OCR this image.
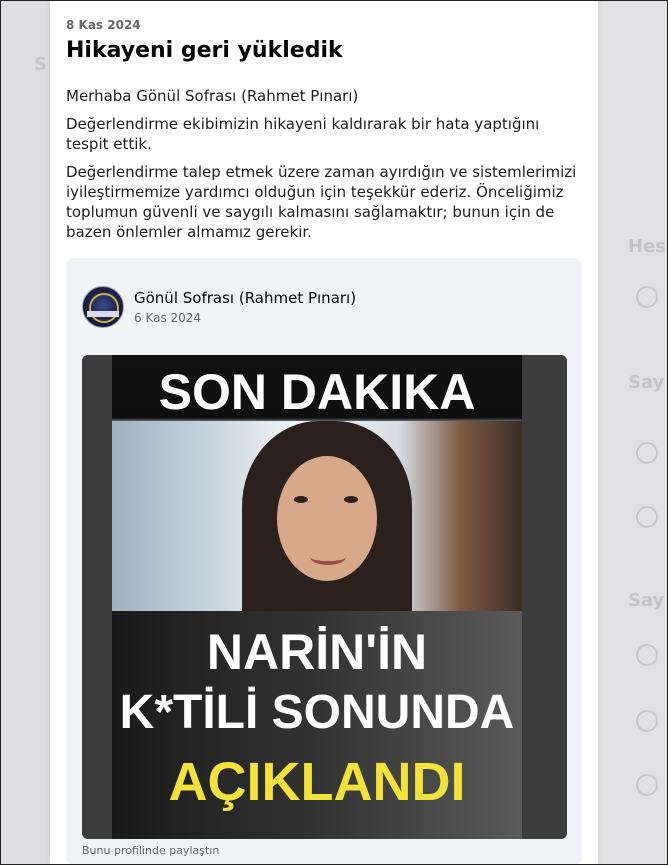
S
Hes
Say
Say
8 Kas 2024
Hikayeni geri yükledik

Merhaba Gönül Sofrası (Rahmet Pınarı)

Değerlendirme ekibimizin hikayeni kaldırarak bir hata yaptığını tespit ettik.

Değerlendirme talep etmek üzere zaman ayırdığın ve sistemlerimizi iyileştirmemize yardımcı olduğun için teşekkür ederiz. Önceliğimiz toplumun güvenli ve saygılı kalmasını sağlamaktır; bunun için de bazen önlemler almamız gerekir.

Gönül Sofrası (Rahmet Pınarı)
6 Kas 2024
SON DAKIKA
NARİN'İN
K*TİLİ SONUNDA
AÇIKLANDI
Bunu profilinde paylaştın
